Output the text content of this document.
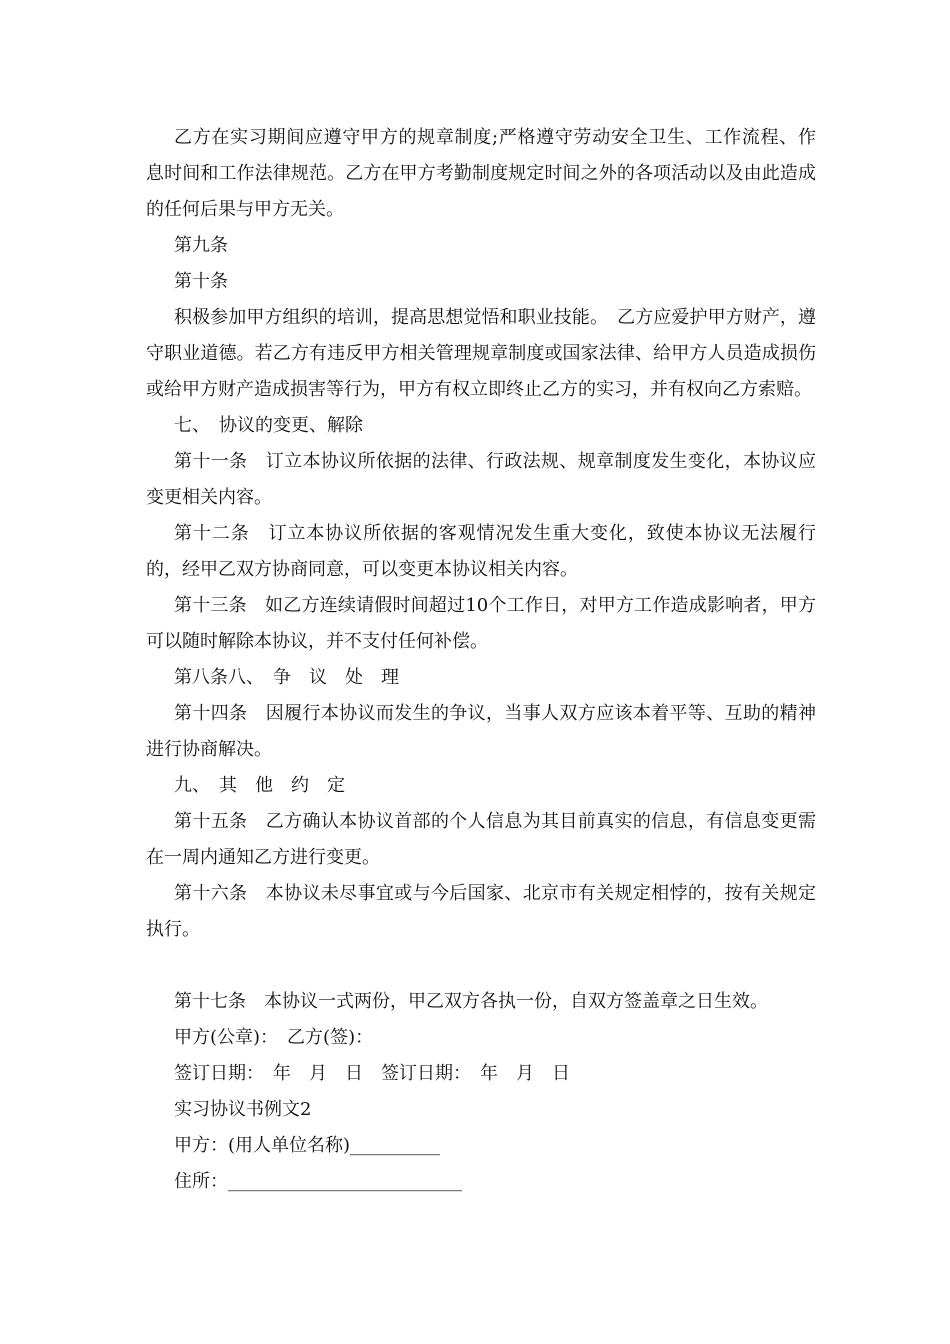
乙方在实习期间应遵守甲方的规章制度;严格遵守劳动安全卫生、工作流程、作　息时间和工作法律规范。乙方在甲方考勤制度规定时间之外的各项活动以及由此造成的任何后果与甲方无关。

第九条

第十条

积极参加甲方组织的培训，提高思想觉悟和职业技能。　乙方应爱护甲方财产，遵守职业道德。若乙方有违反甲方相关管理规章制度或国家法律、给甲方人员造成损伤或给甲方财产造成损害等行为，甲方有权立即终止乙方的实习，并有权向乙方索赔。

七、　协议的变更、解除

第十一条　订立本协议所依据的法律、行政法规、规章制度发生变化，本协议应变更相关内容。

第十二条　订立本协议所依据的客观情况发生重大变化，致使本协议无法履行的，经甲乙双方协商同意，可以变更本协议相关内容。

第十三条　如乙方连续请假时间超过10个工作日，对甲方工作造成影响者，甲方可以随时解除本协议，并不支付任何补偿。

第八条八、　争　议　处　理

第十四条　因履行本协议而发生的争议，当事人双方应该本着平等、互助的精神进行协商解决。

九、　其　他　约　定

第十五条　乙方确认本协议首部的个人信息为其目前真实的信息，有信息变更需在一周内通知乙方进行变更。

第十六条　本协议未尽事宜或与今后国家、北京市有关规定相悖的，按有关规定执行。

第十七条　本协议一式两份，甲乙双方各执一份，自双方签盖章之日生效。

甲方(公章)：　乙方(签)：

签订日期：　年　月　日　签订日期：　年　月　日

实习协议书例文2

甲方：(用人单位名称)__________

住所：__________________________
